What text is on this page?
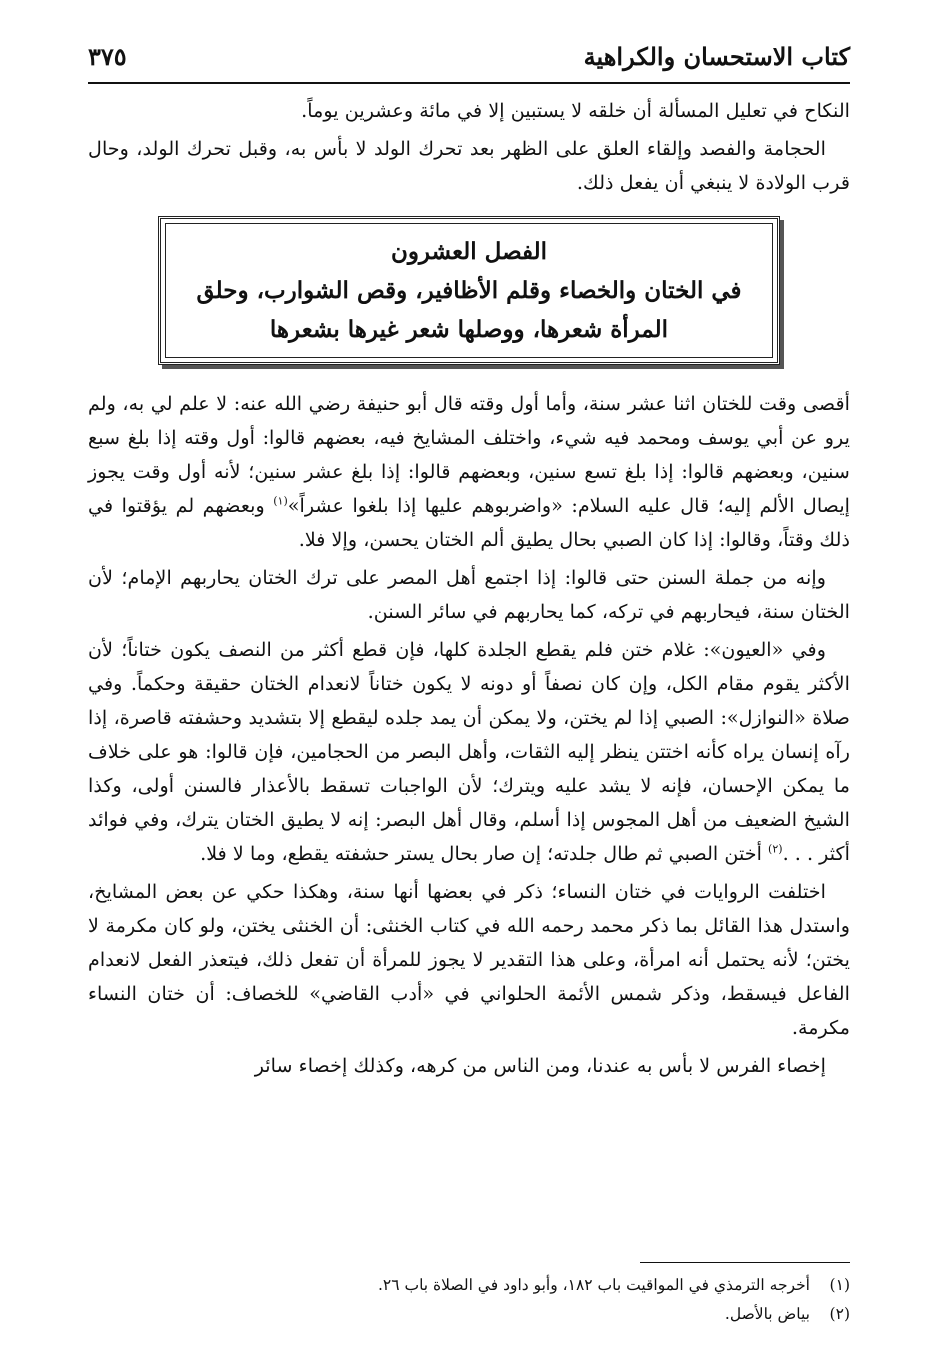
كتاب الاستحسان والكراهية
٣٧٥

النكاح في تعليل المسألة أن خلقه لا يستبين إلا في مائة وعشرين يوماً.

الحجامة والفصد وإلقاء العلق على الظهر بعد تحرك الولد لا بأس به، وقبل تحرك الولد، وحال قرب الولادة لا ينبغي أن يفعل ذلك.

الفصل العشرون
في الختان والخصاء وقلم الأظافير، وقص الشوارب، وحلق
المرأة شعرها، ووصلها شعر غيرها بشعرها

أقصى وقت للختان اثنا عشر سنة، وأما أول وقته قال أبو حنيفة رضي الله عنه: لا علم لي به، ولم يرو عن أبي يوسف ومحمد فيه شيء، واختلف المشايخ فيه، بعضهم قالوا: أول وقته إذا بلغ سبع سنين، وبعضهم قالوا: إذا بلغ تسع سنين، وبعضهم قالوا: إذا بلغ عشر سنين؛ لأنه أول وقت يجوز إيصال الألم إليه؛ قال عليه السلام: «واضربوهم عليها إذا بلغوا عشراً»$^{(١)}$ وبعضهم لم يؤقتوا في ذلك وقتاً، وقالوا: إذا كان الصبي بحال يطيق ألم الختان يحسن، وإلا فلا.

وإنه من جملة السنن حتى قالوا: إذا اجتمع أهل المصر على ترك الختان يحاربهم الإمام؛ لأن الختان سنة، فيحاربهم في تركه، كما يحاربهم في سائر السنن.

وفي «العيون»: غلام ختن فلم يقطع الجلدة كلها، فإن قطع أكثر من النصف يكون ختاناً؛ لأن الأكثر يقوم مقام الكل، وإن كان نصفاً أو دونه لا يكون ختاناً لانعدام الختان حقيقة وحكماً. وفي صلاة «النوازل»: الصبي إذا لم يختن، ولا يمكن أن يمد جلده ليقطع إلا بتشديد وحشفته قاصرة، إذا رآه إنسان يراه كأنه اختتن ينظر إليه الثقات، وأهل البصر من الحجامين، فإن قالوا: هو على خلاف ما يمكن الإحسان، فإنه لا يشد عليه ويترك؛ لأن الواجبات تسقط بالأعذار فالسنن أولى، وكذا الشيخ الضعيف من أهل المجوس إذا أسلم، وقال أهل البصر: إنه لا يطيق الختان يترك، وفي فوائد أكثر . . .$^{(٢)}$ أختن الصبي ثم طال جلدته؛ إن صار بحال يستر حشفته يقطع، وما لا فلا.

اختلفت الروايات في ختان النساء؛ ذكر في بعضها أنها سنة، وهكذا حكي عن بعض المشايخ، واستدل هذا القائل بما ذكر محمد رحمه الله في كتاب الخنثى: أن الخنثى يختن، ولو كان مكرمة لا يختن؛ لأنه يحتمل أنه امرأة، وعلى هذا التقدير لا يجوز للمرأة أن تفعل ذلك، فيتعذر الفعل لانعدام الفاعل فيسقط، وذكر شمس الأئمة الحلواني في «أدب القاضي» للخصاف: أن ختان النساء مكرمة.

إخصاء الفرس لا بأس به عندنا، ومن الناس من كرهه، وكذلك إخصاء سائر

(١)
أخرجه الترمذي في المواقيت باب ١٨٢، وأبو داود في الصلاة باب ٢٦.
(٢)
بياض بالأصل.
